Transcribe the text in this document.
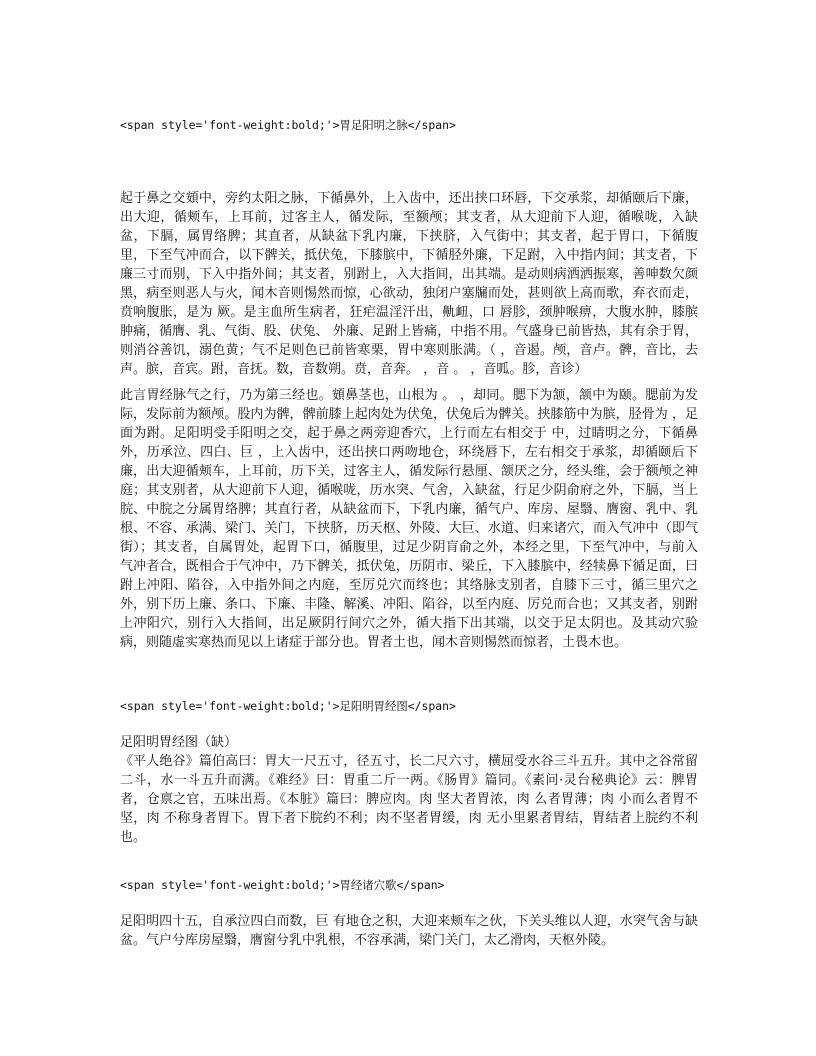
<span style='font-weight:bold;'>胃足阳明之脉</span>

起于鼻之交頞中，旁约太阳之脉，下循鼻外，上入齿中，还出挟口环唇，下交承浆，却循颐后下廉，出大迎，循颊车，上耳前，过客主人，循发际，至额颅；其支者，从大迎前下人迎，循喉咙，入缺盆，下膈，属胃络脾；其直者，从缺盆下乳内廉，下挟脐，入气街中；其支者，起于胃口，下循腹里，下至气冲而合，以下髀关，抵伏兔，下膝膑中，下循胫外廉，下足跗，入中指内间；其支者，下廉三寸而别，下入中指外间；其支者，别跗上，入大指间，出其端。是动则病洒洒振寒，善呻数欠颜黑，病至则恶人与火，闻木音则惕然而惊，心欲动，独闭户塞牖而处，甚则欲上高而歌，弃衣而走，贲响腹胀，是为 厥。是主血所生病者，狂疟温淫汗出，鼽衄，口 唇胗，颈肿喉痹，大腹水肿，膝膑肿痛，循膺、乳、气街、股、伏兔、 外廉、足跗上皆痛，中指不用。气盛身已前皆热，其有余于胃，则消谷善饥，溺色黄；气不足则色已前皆寒栗，胃中寒则胀满。（ ，音遏。颅，音卢。髀，音比，去声。膑，音宾。跗，音抚。数，音数朔。贲，音奔。 ，音 。 ，音呱。胗，音诊）

此言胃经脉气之行，乃为第三经也。頞鼻茎也，山根为 。 ，却同。腮下为颔，颔中为颐。腮前为发际，发际前为额颅。股内为髀，髀前膝上起肉处为伏兔，伏兔后为髀关。挟膝筋中为膑，胫骨为 ，足面为跗。足阳明受手阳明之交，起于鼻之两旁迎香穴，上行而左右相交于 中，过睛明之分，下循鼻外，历承泣、四白、巨 ，上入齿中，还出挟口两吻地仓，环绕唇下，左右相交于承浆，却循颐后下廉，出大迎循颊车，上耳前，历下关，过客主人，循发际行悬厘、颔厌之分，经头维，会于额颅之神庭；其支别者，从大迎前下人迎，循喉咙，历水突、气舍，入缺盆，行足少阴俞府之外，下膈，当上脘、中脘之分属胃络脾；其直行者，从缺盆而下，下乳内廉，循气户、库房、屋翳、膺窗、乳中、乳根、不容、承满、梁门、关门，下挟脐，历天枢、外陵、大巨、水道、归来诸穴，而入气冲中（即气街）；其支者，自属胃处，起胃下口，循腹里，过足少阴肓俞之外，本经之里，下至气冲中，与前入气冲者合，既相合于气冲中，乃下髀关，抵伏兔，历阴市、梁丘，下入膝膑中，经犊鼻下循足面，曰跗上冲阳、陷谷，入中指外间之内庭，至厉兑穴而终也；其络脉支别者，自膝下三寸，循三里穴之外，别下历上廉、条口、下廉、丰隆、解溪、冲阳、陷谷，以至内庭、厉兑而合也；又其支者，别跗上冲阳穴，别行入大指间，出足厥阴行间穴之外，循大指下出其端，以交于足太阴也。及其动穴验病，则随虚实寒热而见以上诸症于部分也。胃者土也，闻木音则惕然而惊者，土畏木也。

<span style='font-weight:bold;'>足阳明胃经图</span>
足阳明胃经图（缺）

《平人绝谷》篇伯高曰：胃大一尺五寸，径五寸，长二尺六寸，横屈受水谷三斗五升。其中之谷常留二斗，水一斗五升而满。《难经》曰：胃重二斤一两。《肠胃》篇同。《素问·灵台秘典论》云：脾胃者，仓禀之官，五味出焉。《本脏》篇曰：脾应肉。肉 坚大者胃浓，肉 么者胃薄；肉 小而么者胃不坚，肉 不称身者胃下。胃下者下脘约不利；肉不坚者胃缓，肉 无小里累者胃结，胃结者上脘约不利也。

<span style='font-weight:bold;'>胃经诸穴歌</span>

足阳明四十五，自承泣四白而数，巨 有地仓之积，大迎来颊车之伙，下关头维以人迎，水突气舍与缺盆。气户兮库房屋翳，膺窗兮乳中乳根，不容承满，梁门关门，太乙滑肉，天枢外陵。
